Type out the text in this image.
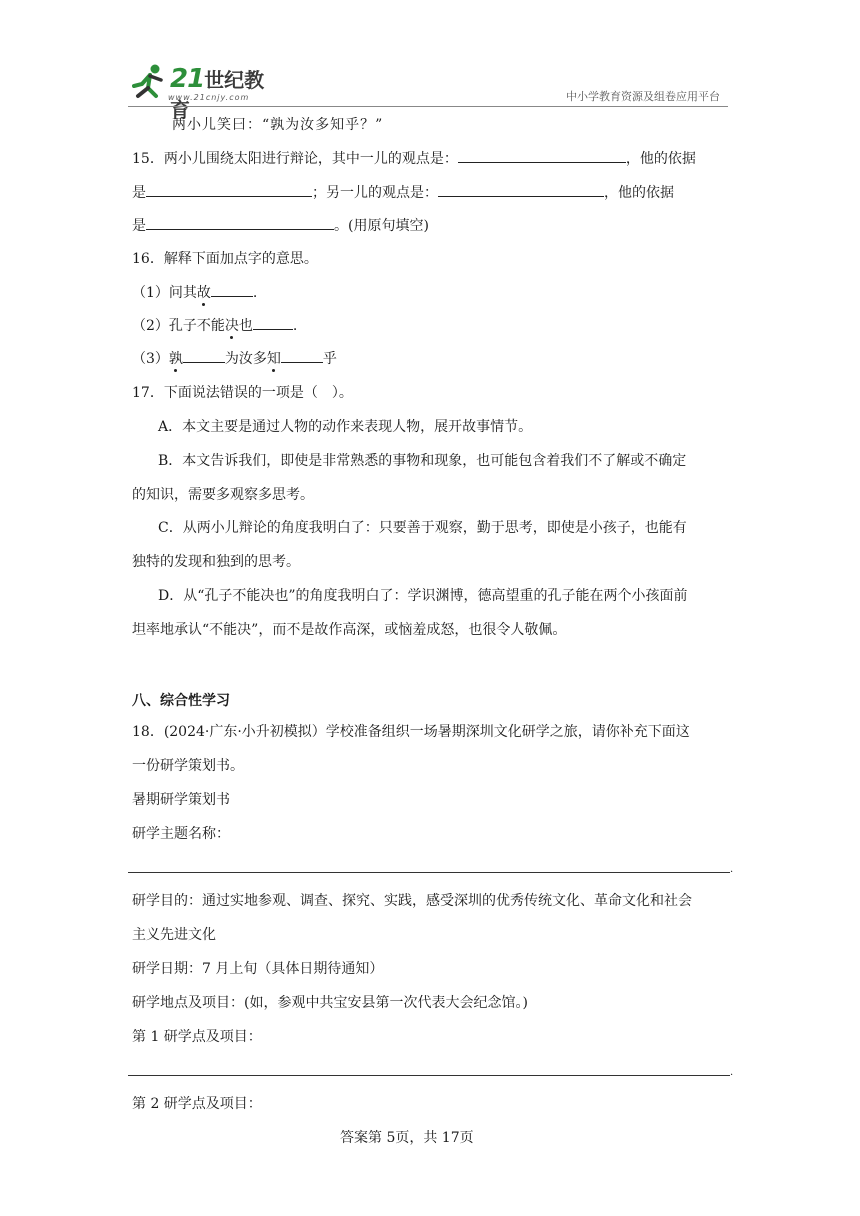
21世纪教育
www.21cnjy.com	中小学教育资源及组卷应用平台
两小儿笑曰：“孰为汝多知乎？”
15．两小儿围绕太阳进行辩论，其中一儿的观点是：	，他的依据
是	；另一儿的观点是：	，他的依据
是	。(用原句填空)
16．解释下面加点字的意思。
（1）问其故	.
（2）孔子不能决也	.
（3）孰	为汝多知	乎
17．下面说法错误的一项是（　）。
A．本文主要是通过人物的动作来表现人物，展开故事情节。
B．本文告诉我们，即使是非常熟悉的事物和现象，也可能包含着我们不了解或不确定
的知识，需要多观察多思考。
C．从两小儿辩论的角度我明白了：只要善于观察，勤于思考，即使是小孩子，也能有
独特的发现和独到的思考。
D．从“孔子不能决也”的角度我明白了：学识渊博，德高望重的孔子能在两个小孩面前
坦率地承认“不能决”，而不是故作高深，或恼羞成怒，也很令人敬佩。
八、综合性学习
18．(2024·广东·小升初模拟）学校准备组织一场暑期深圳文化研学之旅，请你补充下面这
一份研学策划书。
暑期研学策划书
研学主题名称：
.
研学目的：通过实地参观、调查、探究、实践，感受深圳的优秀传统文化、革命文化和社会
主义先进文化
研学日期：7 月上旬（具体日期待通知）
研学地点及项目：(如，参观中共宝安县第一次代表大会纪念馆。)
第 1 研学点及项目：
.
第 2 研学点及项目：
答案第 5页，共 17页
